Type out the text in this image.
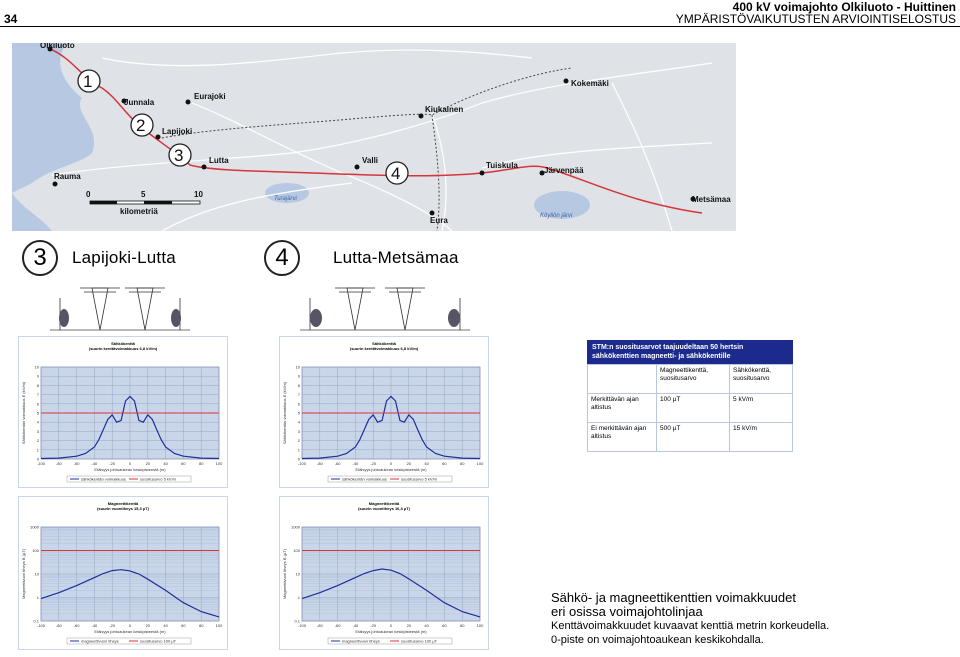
34
400 kV voimajohto Olkiluoto - Huittinen
YMPÄRISTÖVAIKUTUSTEN ARVIOINTISELOSTUS
Olkiluoto
Junnala
Eurajoki
Lapijoki
Lutta
Rauma
Valli
Kiukainen
Kokemäki
Tuiskula
Järvenpää
Metsämaa
Eura
Turajärvi
Köyliön järvi
1
2
3
4
0	5	10
kilometriä
3	Lapijoki-Lutta	4	Lutta-Metsämaa
Sähkökenttä
(suurin kenttävoimakkuus 6,8 kV/m)
-100	-80	-60	-40	-20	0	20	40	60	80	100
0
1
2
3
4
5
6
7
8
9
10
Etäisyys johtoaukean keskipisteestä (m)
Sähkökentän voimakkuus E (kV/m)
sähkökentän voimakkuus	suositusarvo 5 kV/m
Magneettikenttä
(suurin vuontiheys 15,3 µT)
-100	-80	-60	-40	-20	0	20	40	60	80	100
0.1
1
10
100
1000
Etäisyys johtoaukean keskipisteestä (m)
Magneettivuon tiheys B (µT)
magneettivuon tiheys	suositusarvo 100 µT
Sähkökenttä
(suurin kenttävoimakkuus 6,8 kV/m)
-100	-80	-60	-40	-20	0	20	40	60	80	100
0
1
2
3
4
5
6
7
8
9
10
Etäisyys johtoaukean keskipisteestä (m)
Sähkökentän voimakkuus E (kV/m)
sähkökentän voimakkuus	suositusarvo 5 kV/m
Magneettikenttä
(suurin vuontiheys 16,3 µT)
-100	-80	-60	-40	-20	0	20	40	60	80	100
0.1
1
10
100
1000
Etäisyys johtoaukean keskipisteestä (m)
Magneettivuon tiheys B (µT)
magneettivuon tiheys	suositusarvo 100 µT
STM:n suositusarvot taajuudeltaan 50 hertsin sähkökenttien magneetti- ja sähkökentille
	Magneettikenttä, suositusarvo	Sähkökenttä, suositusarvo
Merkittävän ajan altistus	100 µT	5 kV/m
Ei merkittävän ajan altistus	500 µT	15 kV/m
Sähkö- ja magneettikenttien voimakkuudet
eri osissa voimajohtolinjaa
Kenttävoimakkuudet kuvaavat kenttiä metrin korkeudella.
0-piste on voimajohtoaukean keskikohdalla.
